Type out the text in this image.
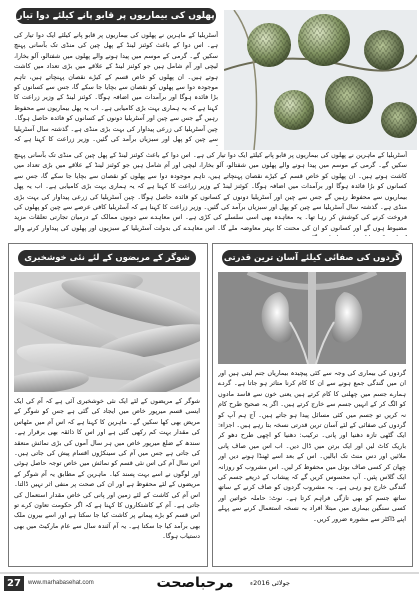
پھلوں کی بیماریوں پر قابو پانے کیلئے دوا تیار

آسٹریلیا کے ماہرین نے پھلوں کی بیماریوں پر قابو پانے کیلئے ایک دوا تیار کی ہے۔ اس دوا کے باعث کوئنز لینڈ کے پھل چین کی منڈی تک بآسانی پہنچ سکیں گے۔ گرمی کے موسم میں پیدا ہونے والے پھلوں میں شفتالو، آلو بخارا، لیچی اور آم شامل ہیں جو کوئنز لینڈ کے علاقے میں بڑی تعداد میں کاشت ہوتے ہیں۔ ان پھلوں کو خاص قسم کے کیڑے نقصان پہنچاتے ہیں، تاہم موجودہ دوا سے پھلوں کو نقصان سے بچایا جا سکے گا، جس سے کسانوں کو بڑا فائدہ ہوگا اور برآمدات میں اضافہ ہوگا۔ کوئنز لینڈ کے وزیر زراعت کا کہنا ہے کہ یہ ہماری بہت بڑی کامیابی ہے۔ اب یہ پھل بیماریوں سے محفوظ رہیں گے جس سے چین اور آسٹریلیا دونوں کے کسانوں کو فائدہ حاصل ہوگا۔ چین آسٹریلیا کی زرعی پیداوار کی بہت بڑی منڈی ہے۔ گذشتہ سال آسٹریلیا سے چین کو پھل اور سبزیاں برآمد کی گئیں۔ وزیر زراعت کا کہنا ہے کہ

آسٹریلیا کے ماہرین نے پھلوں کی بیماریوں پر قابو پانے کیلئے ایک دوا تیار کی ہے۔ اس دوا کے باعث کوئنز لینڈ کے پھل چین کی منڈی تک بآسانی پہنچ سکیں گے۔ گرمی کے موسم میں پیدا ہونے والے پھلوں میں شفتالو، آلو بخارا، لیچی اور آم شامل ہیں جو کوئنز لینڈ کے علاقے میں بڑی تعداد میں کاشت ہوتے ہیں۔ ان پھلوں کو خاص قسم کے کیڑے نقصان پہنچاتے ہیں، تاہم موجودہ دوا سے پھلوں کو نقصان سے بچایا جا سکے گا، جس سے کسانوں کو بڑا فائدہ ہوگا اور برآمدات میں اضافہ ہوگا۔ کوئنز لینڈ کے وزیر زراعت کا کہنا ہے کہ یہ ہماری بہت بڑی کامیابی ہے۔ اب یہ پھل بیماریوں سے محفوظ رہیں گے جس سے چین اور آسٹریلیا دونوں کے کسانوں کو فائدہ حاصل ہوگا۔ چین آسٹریلیا کی زرعی پیداوار کی بہت بڑی منڈی ہے۔ گذشتہ سال آسٹریلیا سے چین کو پھل اور سبزیاں برآمد کی گئیں۔ وزیر زراعت کا کہنا ہے کہ آسٹریلیا کافی عرصے سے چین کو پھلوں کی فروخت کرنے کی کوشش کر رہا تھا۔ یہ معاہدہ بھی اسی سلسلے کی کڑی ہے۔ اس معاہدے سے دونوں ممالک کے درمیان تجارتی تعلقات مزید مضبوط ہوں گے اور کسانوں کو ان کی محنت کا بہتر معاوضہ ملے گا۔ اس معاہدے کی بدولت آسٹریلیا کے سبزیوں اور پھلوں کی پیداوار کرنے والے

شوگر کے مریضوں کے لئے نئی خوشخبری

شوگر کے مریضوں کے لئے ایک نئی خوشخبری آئی ہے کہ آم کی ایک ایسی قسم میرپور خاص میں ایجاد کی گئی ہے جس کو شوگر کے مریض بھی کھا سکیں گے۔ ماہرین کا کہنا ہے کہ اس آم میں مٹھاس کی مقدار بہت کم رکھی گئی ہے اور اس کا ذائقہ بھی برقرار ہے۔ سندھ کے ضلع میرپور خاص میں ہر سال آموں کی بڑی نمائش منعقد کی جاتی ہے جس میں آم کی سینکڑوں اقسام پیش کی جاتی ہیں۔ اس سال آم کی اس نئی قسم کو نمائش میں خاص توجہ حاصل ہوئی اور لوگوں نے اسے بہت پسند کیا۔ ماہرین کے مطابق یہ آم شوگر کے مریضوں کے لئے محفوظ ہے اور ان کی صحت پر منفی اثر نہیں ڈالتا۔ اس آم کی کاشت کے لئے زمین اور پانی کی خاص مقدار استعمال کی جاتی ہے۔ آم کے کاشتکاروں کا کہنا ہے کہ اگر حکومت تعاون کرے تو اس قسم کو بڑے پیمانے پر کاشت کیا جا سکتا ہے اور اسے بیرون ملک بھی برآمد کیا جا سکتا ہے۔ یہ آم آئندہ سال سے عام مارکیٹ میں بھی دستیاب ہوگا۔

گردوں کی صفائی کیلئے آسان ترین قدرتی

گردوں کی بیماری کی وجہ سے کئی پیچیدہ بیماریاں جنم لیتی ہیں اور ان میں گندگی جمع ہونے سے ان کا کام کرنا متاثر ہو جاتا ہے۔ گردے ہمارے جسم میں چھلنی کا کام کرتے ہیں یعنی خون سے فاسد مادوں کو الگ کر کے انہیں جسم سے خارج کرتے ہیں۔ اگر یہ صحیح طرح کام نہ کریں تو جسم میں کئی مسائل پیدا ہو جاتے ہیں۔ آج ہم آپ کو گردوں کی صفائی کے لئے آسان ترین قدرتی نسخہ بتا رہے ہیں۔ اجزاء: ایک گٹھی تازہ دھنیا اور پانی۔ ترکیب: دھنیا کو اچھی طرح دھو کر باریک کاٹ لیں اور ایک برتن میں ڈال دیں۔ اب اس میں صاف پانی ملائیں اور دس منٹ تک ابالیں۔ اس کے بعد اسے ٹھنڈا ہونے دیں اور چھان کر کسی صاف بوتل میں محفوظ کر لیں۔ اس مشروب کو روزانہ ایک گلاس پئیں۔ آپ محسوس کریں گے کہ پیشاب کے ذریعے جسم کی گندگی خارج ہو رہی ہے۔ یہ مشروب گردوں کو صاف کرنے کے ساتھ ساتھ جسم کو بھی تازگی فراہم کرتا ہے۔ نوٹ: حاملہ خواتین اور کسی سنگین بیماری میں مبتلا افراد یہ نسخہ استعمال کرنے سے پہلے اپنے ڈاکٹر سے مشورہ ضرور کریں۔

27	www.marhabasehat.com	مرحباصحت	جولائی 2016ء
